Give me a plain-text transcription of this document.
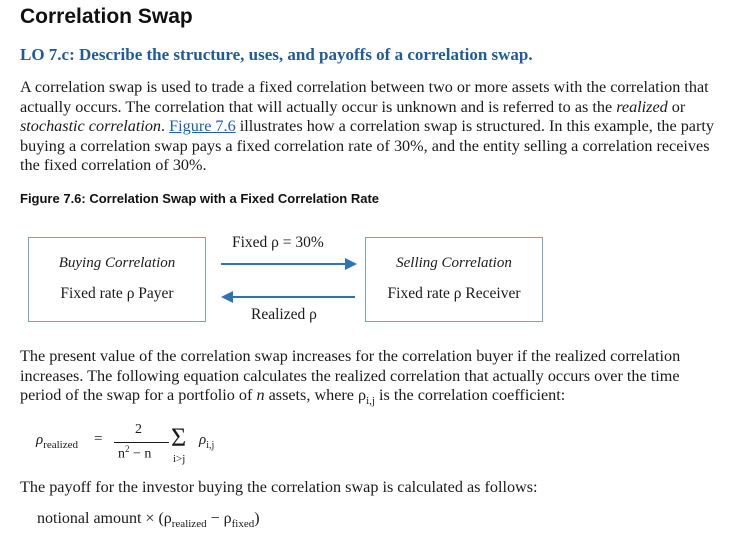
Correlation Swap
LO 7.c: Describe the structure, uses, and payoffs of a correlation swap.
A correlation swap is used to trade a fixed correlation between two or more assets with the correlation that actually occurs. The correlation that will actually occur is unknown and is referred to as the realized or stochastic correlation. Figure 7.6 illustrates how a correlation swap is structured. In this example, the party buying a correlation swap pays a fixed correlation rate of 30%, and the entity selling a correlation receives the fixed correlation of 30%.
Figure 7.6: Correlation Swap with a Fixed Correlation Rate
Buying Correlation
Fixed rate ρ Payer
Selling Correlation
Fixed rate ρ Receiver
Fixed ρ = 30%
Realized ρ
The present value of the correlation swap increases for the correlation buyer if the realized correlation increases. The following equation calculates the realized correlation that actually occurs over the time period of the swap for a portfolio of n assets, where $\rho_{i,j}$ is the correlation coefficient:
$\rho_{realized}$ =
2
$n^2 - n$
Σ $\rho_{i,j}$
i>j
The payoff for the investor buying the correlation swap is calculated as follows:
notional amount × $(\rho_{realized} - \rho_{fixed})$
